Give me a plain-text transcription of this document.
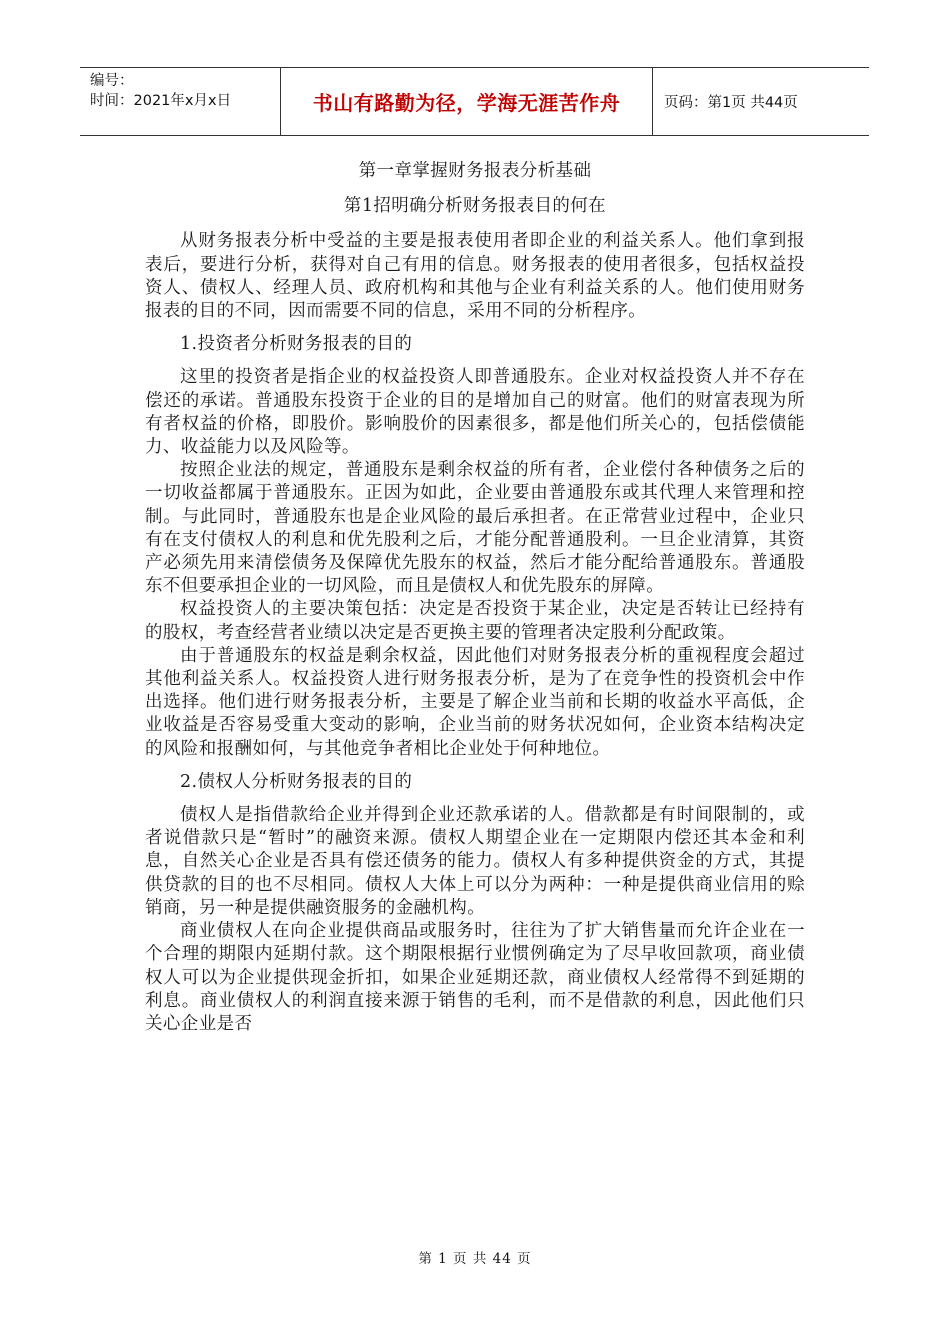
编号：
时间：2021年x月x日	书山有路勤为径，学海无涯苦作舟	页码：第1页 共44页

第一章掌握财务报表分析基础

第1招明确分析财务报表目的何在

从财务报表分析中受益的主要是报表使用者即企业的利益关系人。他们拿到报表后，要进行分析，获得对自己有用的信息。财务报表的使用者很多，包括权益投资人、债权人、经理人员、政府机构和其他与企业有利益关系的人。他们使用财务报表的目的不同，因而需要不同的信息，采用不同的分析程序。

1.投资者分析财务报表的目的

这里的投资者是指企业的权益投资人即普通股东。企业对权益投资人并不存在偿还的承诺。普通股东投资于企业的目的是增加自己的财富。他们的财富表现为所有者权益的价格，即股价。影响股价的因素很多，都是他们所关心的，包括偿债能力、收益能力以及风险等。

按照企业法的规定，普通股东是剩余权益的所有者，企业偿付各种债务之后的一切收益都属于普通股东。正因为如此，企业要由普通股东或其代理人来管理和控制。与此同时，普通股东也是企业风险的最后承担者。在正常营业过程中，企业只有在支付债权人的利息和优先股利之后，才能分配普通股利。一旦企业清算，其资产必须先用来清偿债务及保障优先股东的权益，然后才能分配给普通股东。普通股东不但要承担企业的一切风险，而且是债权人和优先股东的屏障。

权益投资人的主要决策包括：决定是否投资于某企业，决定是否转让已经持有的股权，考查经营者业绩以决定是否更换主要的管理者决定股利分配政策。

由于普通股东的权益是剩余权益，因此他们对财务报表分析的重视程度会超过其他利益关系人。权益投资人进行财务报表分析，是为了在竞争性的投资机会中作出选择。他们进行财务报表分析，主要是了解企业当前和长期的收益水平高低，企业收益是否容易受重大变动的影响，企业当前的财务状况如何，企业资本结构决定的风险和报酬如何，与其他竞争者相比企业处于何种地位。

2.债权人分析财务报表的目的

债权人是指借款给企业并得到企业还款承诺的人。借款都是有时间限制的，或者说借款只是“暂时”的融资来源。债权人期望企业在一定期限内偿还其本金和利息，自然关心企业是否具有偿还债务的能力。债权人有多种提供资金的方式，其提供贷款的目的也不尽相同。债权人大体上可以分为两种：一种是提供商业信用的赊销商，另一种是提供融资服务的金融机构。

商业债权人在向企业提供商品或服务时，往往为了扩大销售量而允许企业在一个合理的期限内延期付款。这个期限根据行业惯例确定为了尽早收回款项，商业债权人可以为企业提供现金折扣，如果企业延期还款，商业债权人经常得不到延期的利息。商业债权人的利润直接来源于销售的毛利，而不是借款的利息，因此他们只关心企业是否

第 1 页 共 44 页
